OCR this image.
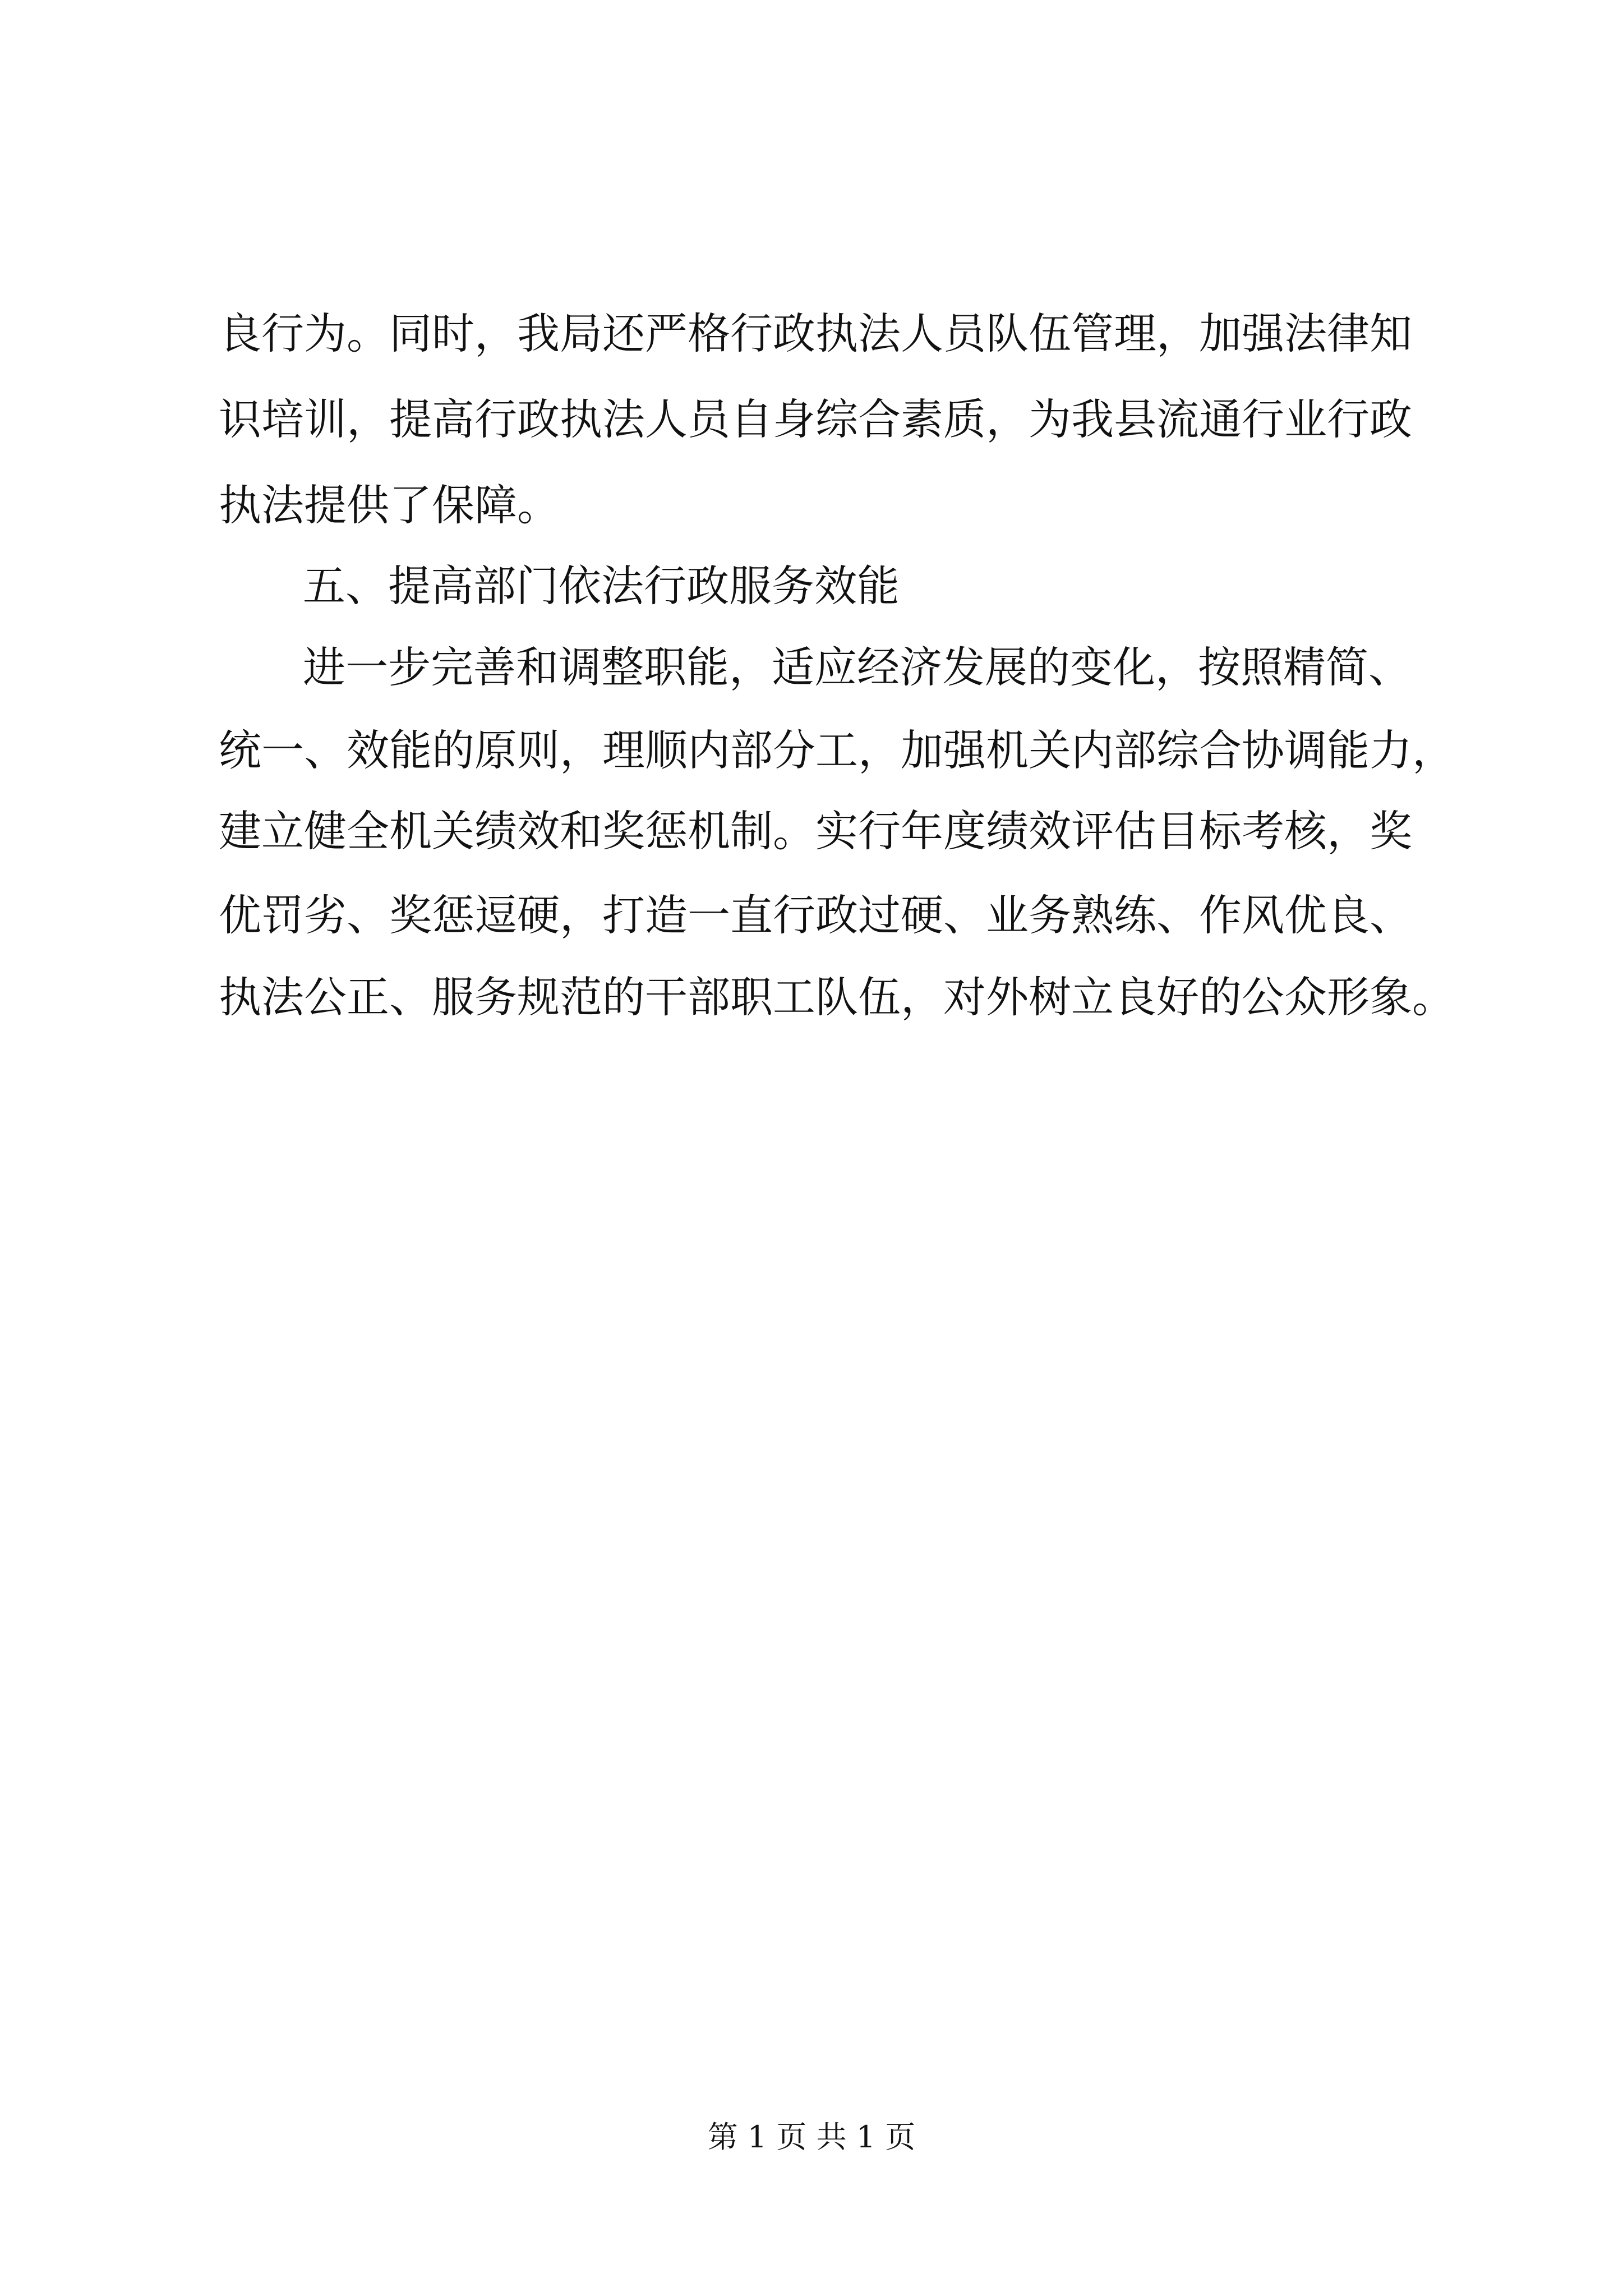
良行为。同时，我局还严格行政执法人员队伍管理，加强法律知
识培训，提高行政执法人员自身综合素质，为我县流通行业行政
执法提供了保障。
五、提高部门依法行政服务效能
进一步完善和调整职能，适应经济发展的变化，按照精简、
统一、效能的原则，理顺内部分工，加强机关内部综合协调能力，
建立健全机关绩效和奖惩机制。实行年度绩效评估目标考核，奖
优罚劣、奖惩逗硬，打造一直行政过硬、业务熟练、作风优良、
执法公正、服务规范的干部职工队伍，对外树立良好的公众形象。
第 1 页 共 1 页
